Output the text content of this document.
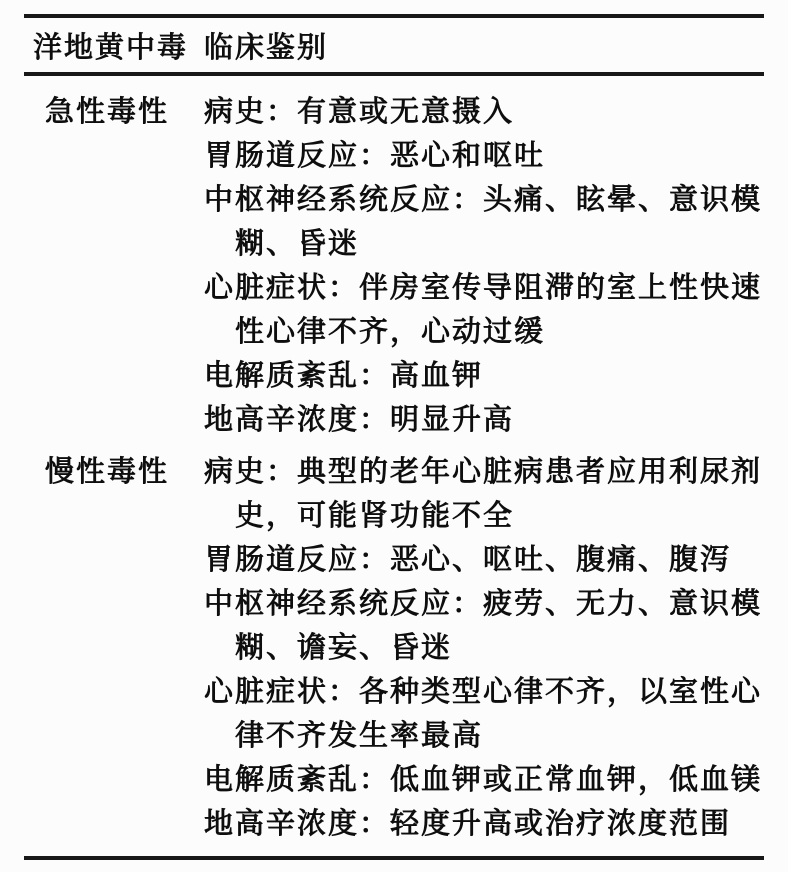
洋地黄中毒 临床鉴别
急性毒性	病史：有意或无意摄入

胃肠道反应：恶心和呕吐

中枢神经系统反应：头痛、眩晕、意识模糊、昏迷

心脏症状：伴房室传导阻滞的室上性快速性心律不齐，心动过缓

电解质紊乱：高血钾

地高辛浓度：明显升高

慢性毒性	病史：典型的老年心脏病患者应用利尿剂史，可能肾功能不全

胃肠道反应：恶心、呕吐、腹痛、腹泻

中枢神经系统反应：疲劳、无力、意识模糊、谵妄、昏迷

心脏症状：各种类型心律不齐，以室性心律不齐发生率最高

电解质紊乱：低血钾或正常血钾，低血镁

地高辛浓度：轻度升高或治疗浓度范围
